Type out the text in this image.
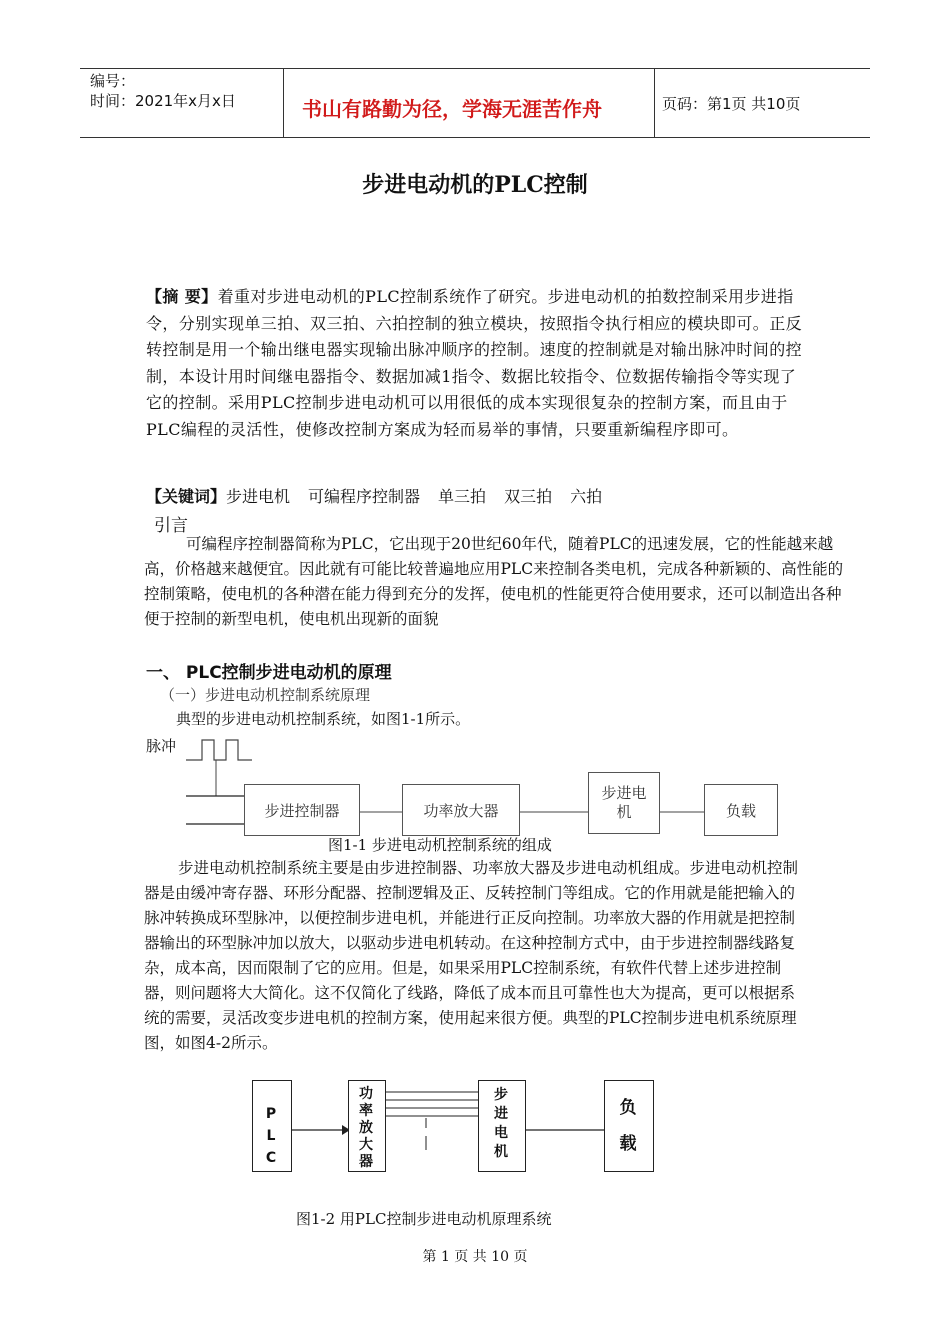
编号：
时间：2021年x月x日	书山有路勤为径，学海无涯苦作舟	页码：第1页 共10页
步进电动机的PLC控制
【摘 要】着重对步进电动机的PLC控制系统作了研究。步进电动机的拍数控制采用步进指令，分别实现单三拍、双三拍、六拍控制的独立模块，按照指令执行相应的模块即可。正反转控制是用一个输出继电器实现输出脉冲顺序的控制。速度的控制就是对输出脉冲时间的控制，本设计用时间继电器指令、数据加减1指令、数据比较指令、位数据传输指令等实现了它的控制。采用PLC控制步进电动机可以用很低的成本实现很复杂的控制方案，而且由于PLC编程的灵活性，使修改控制方案成为轻而易举的事情，只要重新编程序即可。
【关键词】步进电机 可编程序控制器 单三拍 双三拍 六拍
引言
可编程序控制器简称为PLC，它出现于20世纪60年代，随着PLC的迅速发展，它的性能越来越高，价格越来越便宜。因此就有可能比较普遍地应用PLC来控制各类电机，完成各种新颖的、高性能的控制策略，使电机的各种潜在能力得到充分的发挥，使电机的性能更符合使用要求，还可以制造出各种便于控制的新型电机，使电机出现新的面貌
一、 PLC控制步进电动机的原理
（一）步进电动机控制系统原理
典型的步进电动机控制系统，如图1-1所示。
脉冲
步进控制器	功率放大器
步进电机	负载
图1-1 步进电动机控制系统的组成
步进电动机控制系统主要是由步进控制器、功率放大器及步进电动机组成。步进电动机控制器是由缓冲寄存器、环形分配器、控制逻辑及正、反转控制门等组成。它的作用就是能把输入的脉冲转换成环型脉冲，以便控制步进电机，并能进行正反向控制。功率放大器的作用就是把控制器输出的环型脉冲加以放大，以驱动步进电机转动。在这种控制方式中，由于步进控制器线路复杂，成本高，因而限制了它的应用。但是，如果采用PLC控制系统，有软件代替上述步进控制器，则问题将大大简化。这不仅简化了线路，降低了成本而且可靠性也大为提高，更可以根据系统的需要，灵活改变步进电机的控制方案，使用起来很方便。典型的PLC控制步进电机系统原理图，如图4-2所示。
PLC
功率放大器
步进电机
负载
图1-2 用PLC控制步进电动机原理系统
第 1 页 共 10 页
